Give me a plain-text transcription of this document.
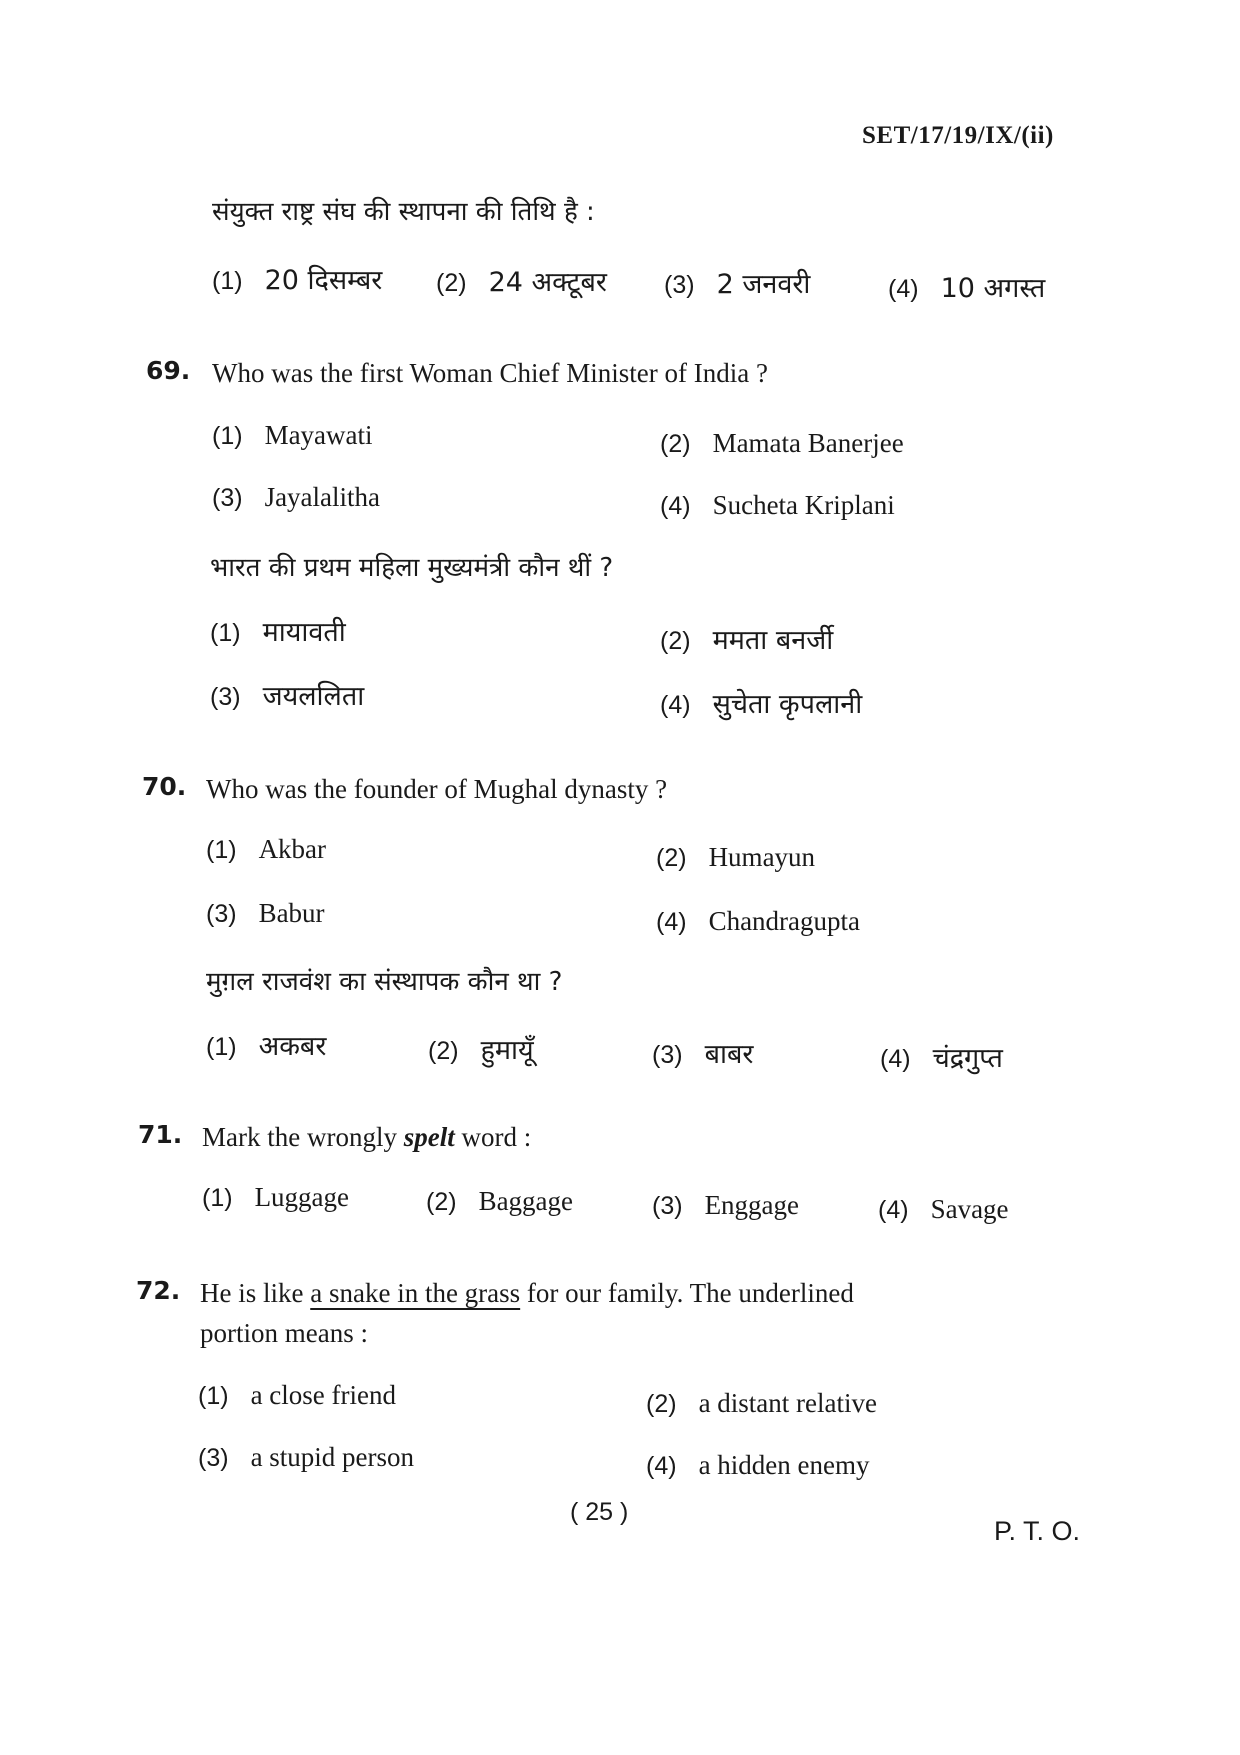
SET/17/19/IX/(ii)
संयुक्त राष्ट्र संघ की स्थापना की तिथि है :
(1) 20 दिसम्बर (2) 24 अक्टूबर (3) 2 जनवरी	(4) 10 अगस्त
69. Who was the first Woman Chief Minister of India ?
(1) Mayawati	(2) Mamata Banerjee
(3) Jayalalitha	(4) Sucheta Kriplani
भारत की प्रथम महिला मुख्यमंत्री कौन थीं ?
(1) मायावती	(2) ममता बनर्जी
(3) जयललिता	(4) सुचेता कृपलानी
70. Who was the founder of Mughal dynasty ?
(1) Akbar	(2) Humayun
(3) Babur	(4) Chandragupta
मुग़ल राजवंश का संस्थापक कौन था ?
(1) अकबर	(2) हुमायूँ	(3) बाबर	(4) चंद्रगुप्त
71. Mark the wrongly spelt word :
(1) Luggage	(2) Baggage	(3) Enggage	(4) Savage
72. He is like a snake in the grass for our family. The underlined
portion means :
(1) a close friend	(2) a distant relative
(3) a stupid person	(4) a hidden enemy
( 25 )
P. T. O.
